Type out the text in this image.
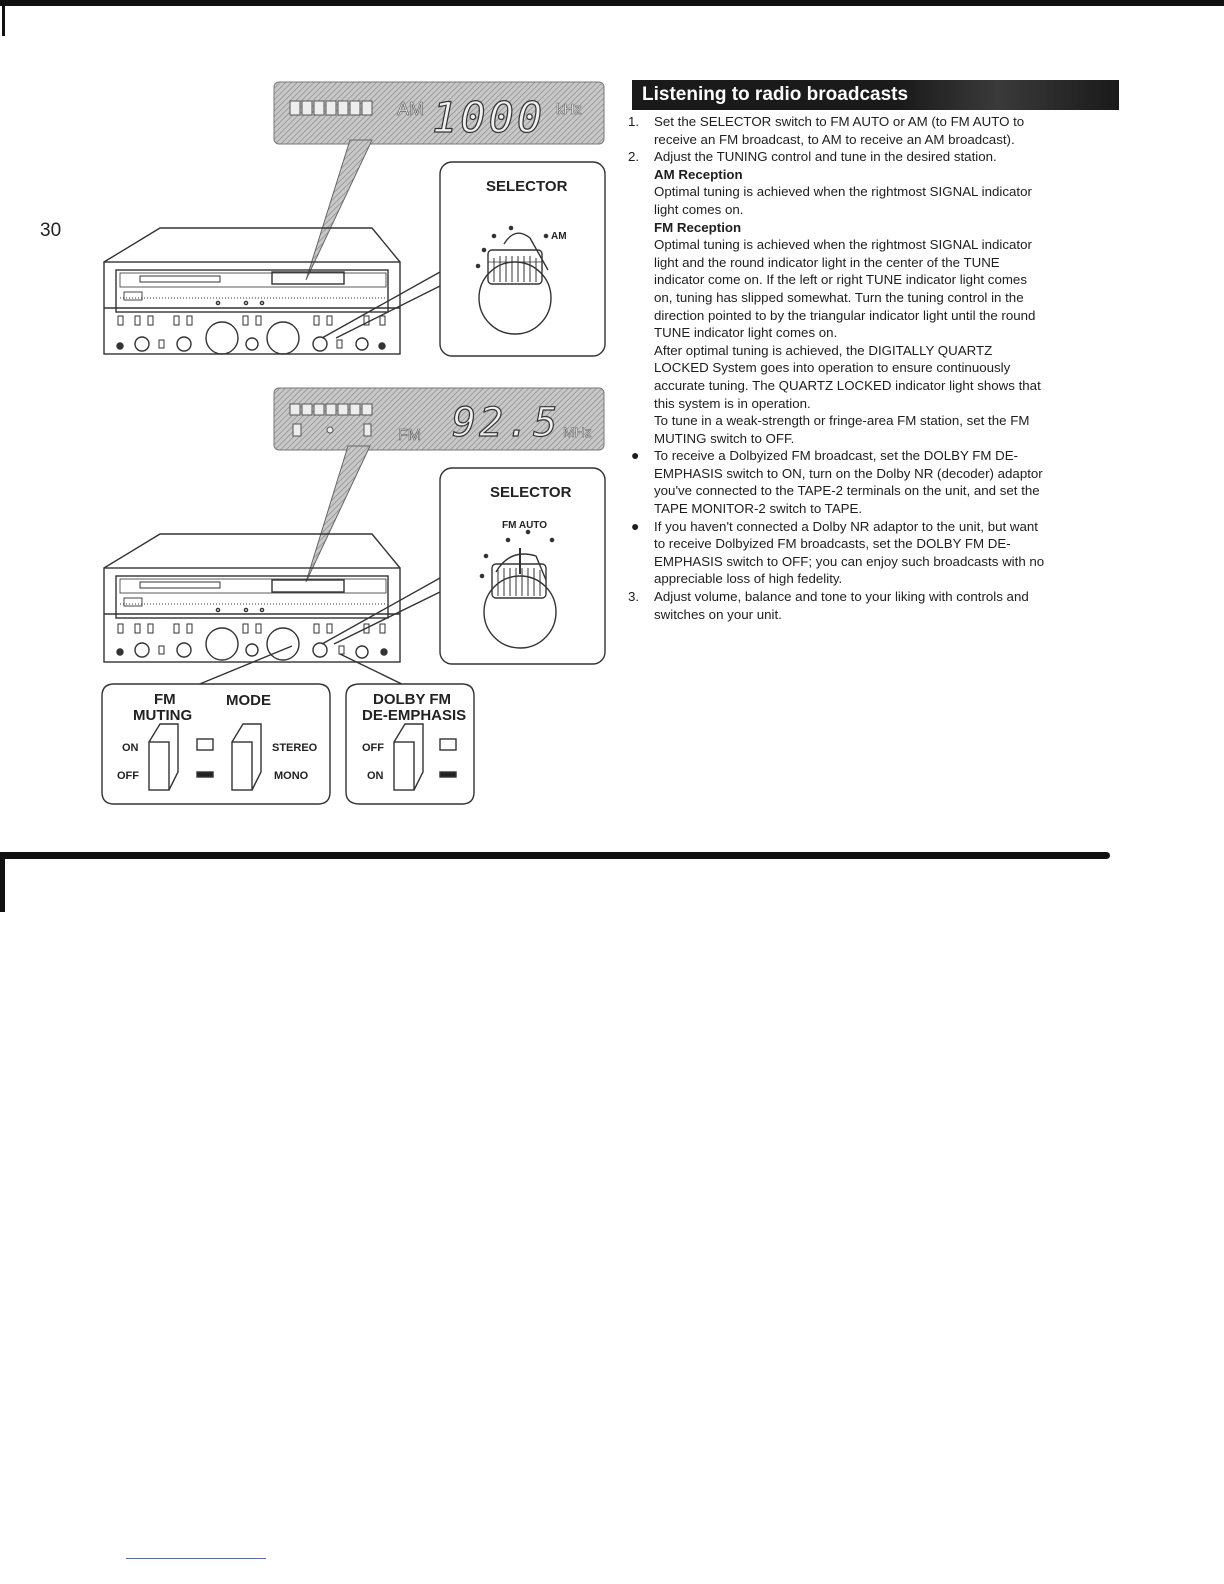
30
AM 1000 kHz
SELECTOR
AM
FM 92.5 MHz
SELECTOR
FM AUTO
FM
MUTING
MODE
ON
OFF
STEREO
MONO
DOLBY FM
DE-EMPHASIS
OFF
ON
Listening to radio broadcasts
1. Set the SELECTOR switch to FM AUTO or AM (to FM AUTO to
receive an FM broadcast, to AM to receive an AM broadcast).
2. Adjust the TUNING control and tune in the desired station.
AM Reception
Optimal tuning is achieved when the rightmost SIGNAL indicator
light comes on.
FM Reception
Optimal tuning is achieved when the rightmost SIGNAL indicator
light and the round indicator light in the center of the TUNE
indicator come on. If the left or right TUNE indicator light comes
on, tuning has slipped somewhat. Turn the tuning control in the
direction pointed to by the triangular indicator light until the round
TUNE indicator light comes on.
After optimal tuning is achieved, the DIGITALLY QUARTZ
LOCKED System goes into operation to ensure continuously
accurate tuning. The QUARTZ LOCKED indicator light shows that
this system is in operation.
To tune in a weak-strength or fringe-area FM station, set the FM
MUTING switch to OFF.
● To receive a Dolbyized FM broadcast, set the DOLBY FM DE-
EMPHASIS switch to ON, turn on the Dolby NR (decoder) adaptor
you've connected to the TAPE-2 terminals on the unit, and set the
TAPE MONITOR-2 switch to TAPE.
● If you haven't connected a Dolby NR adaptor to the unit, but want
to receive Dolbyized FM broadcasts, set the DOLBY FM DE-
EMPHASIS switch to OFF; you can enjoy such broadcasts with no
appreciable loss of high fedelity.
3. Adjust volume, balance and tone to your liking with controls and
switches on your unit.
